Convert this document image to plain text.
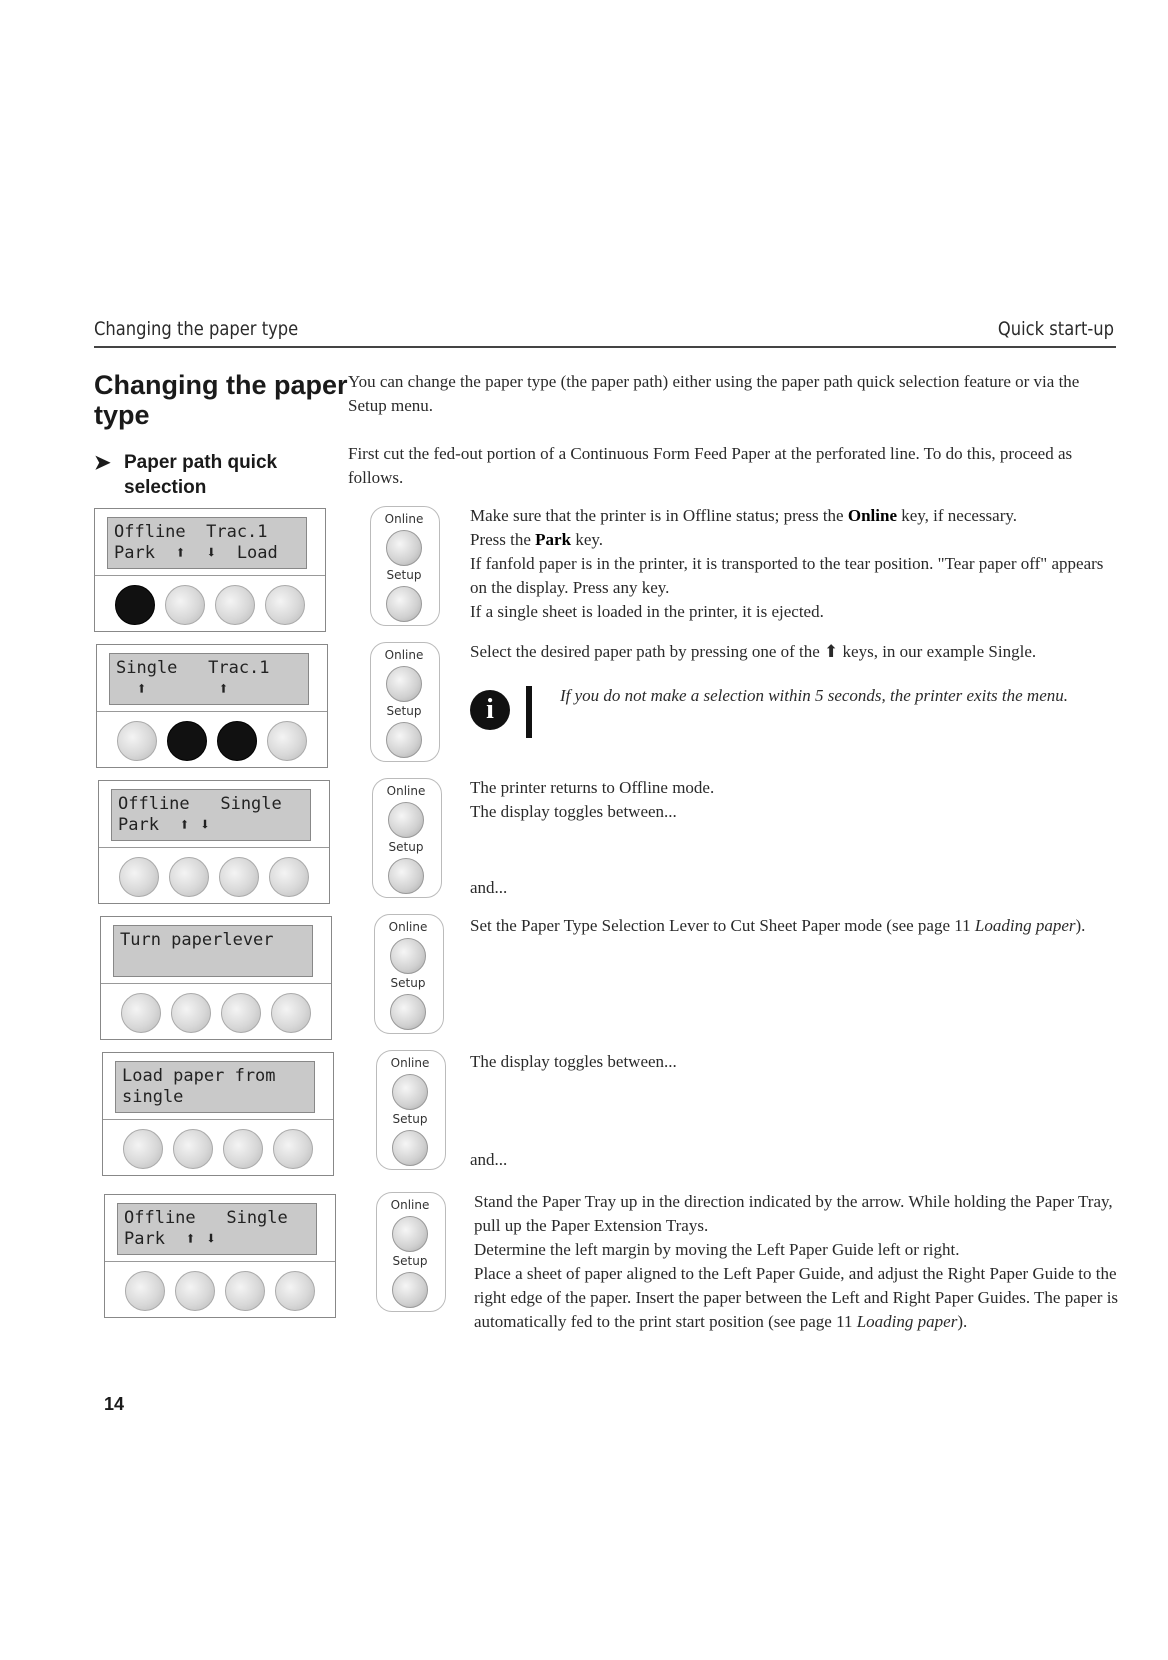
Changing the paper type	Quick start-up
Changing the paper type
➤ Paper path quick selection

You can change the paper type (the paper path) either using the paper path quick selection feature or via the Setup menu.

First cut the fed-out portion of a Continuous Form Feed Paper at the perforated line. To do this, proceed as follows.

Make sure that the printer is in Offline status; press the Online key, if necessary.
Press the Park key.
If fanfold paper is in the printer, it is transported to the tear position. "Tear paper off" appears on the display. Press any key.
If a single sheet is loaded in the printer, it is ejected.

Select the desired paper path by pressing one of the ⬆ keys, in our example Single.

i	If you do not make a selection within 5 seconds, the printer exits the menu.

The printer returns to Offline mode.
The display toggles between...

and...

Set the Paper Type Selection Lever to Cut Sheet Paper mode (see page 11 Loading paper).

The display toggles between...

and...

Stand the Paper Tray up in the direction indicated by the arrow. While holding the Paper Tray, pull up the Paper Extension Trays.
Determine the left margin by moving the Left Paper Guide left or right.
Place a sheet of paper aligned to the Left Paper Guide, and adjust the Right Paper Guide to the right edge of the paper. Insert the paper between the Left and Right Paper Guides. The paper is automatically fed to the print start position (see page 11 Loading paper).
Offline  Trac.1
Park  ⬆  ⬇  Load
Single   Trac.1
⬆       ⬆
Offline   Single
Park  ⬆ ⬇
Turn paperlever
Load paper from
single
Offline   Single
Park  ⬆ ⬇
Online
Setup
Online
Setup
Online
Setup
Online
Setup
Online
Setup
Online
Setup
14
